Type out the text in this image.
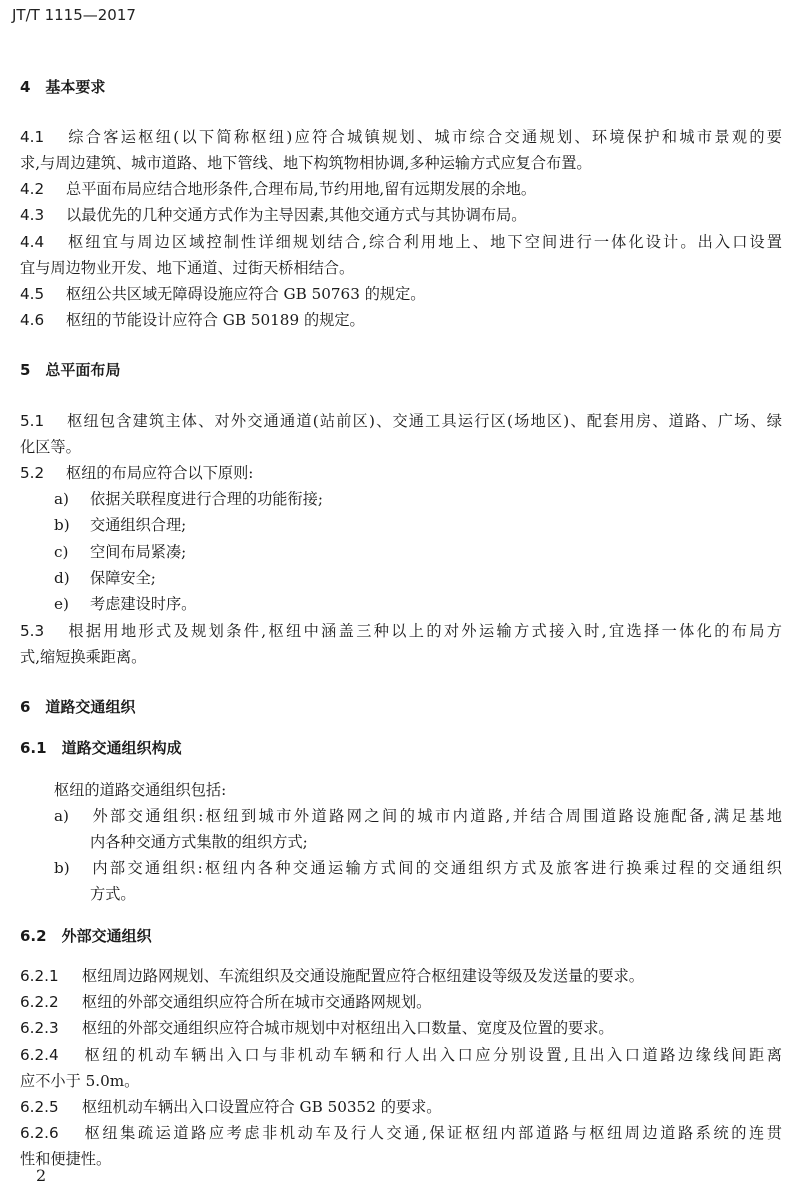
JT/T 1115—2017
4　基本要求
4.1 综合客运枢纽(以下简称枢纽)应符合城镇规划、城市综合交通规划、环境保护和城市景观的要
求,与周边建筑、城市道路、地下管线、地下构筑物相协调,多种运输方式应复合布置。
4.2 总平面布局应结合地形条件,合理布局,节约用地,留有远期发展的余地。
4.3 以最优先的几种交通方式作为主导因素,其他交通方式与其协调布局。
4.4 枢纽宜与周边区域控制性详细规划结合,综合利用地上、地下空间进行一体化设计。出入口设置
宜与周边物业开发、地下通道、过街天桥相结合。
4.5 枢纽公共区域无障碍设施应符合 GB 50763 的规定。
4.6 枢纽的节能设计应符合 GB 50189 的规定。
5　总平面布局
5.1 枢纽包含建筑主体、对外交通通道(站前区)、交通工具运行区(场地区)、配套用房、道路、广场、绿
化区等。
5.2 枢纽的布局应符合以下原则:
a) 依据关联程度进行合理的功能衔接;
b) 交通组织合理;
c) 空间布局紧凑;
d) 保障安全;
e) 考虑建设时序。
5.3 根据用地形式及规划条件,枢纽中涵盖三种以上的对外运输方式接入时,宜选择一体化的布局方
式,缩短换乘距离。
6　道路交通组织
6.1　道路交通组织构成
枢纽的道路交通组织包括:
a) 外部交通组织:枢纽到城市外道路网之间的城市内道路,并结合周围道路设施配备,满足基地
内各种交通方式集散的组织方式;
b) 内部交通组织:枢纽内各种交通运输方式间的交通组织方式及旅客进行换乘过程的交通组织
方式。
6.2　外部交通组织
6.2.1 枢纽周边路网规划、车流组织及交通设施配置应符合枢纽建设等级及发送量的要求。
6.2.2 枢纽的外部交通组织应符合所在城市交通路网规划。
6.2.3 枢纽的外部交通组织应符合城市规划中对枢纽出入口数量、宽度及位置的要求。
6.2.4 枢纽的机动车辆出入口与非机动车辆和行人出入口应分别设置,且出入口道路边缘线间距离
应不小于 5.0m。
6.2.5 枢纽机动车辆出入口设置应符合 GB 50352 的要求。
6.2.6 枢纽集疏运道路应考虑非机动车及行人交通,保证枢纽内部道路与枢纽周边道路系统的连贯
性和便捷性。
2
